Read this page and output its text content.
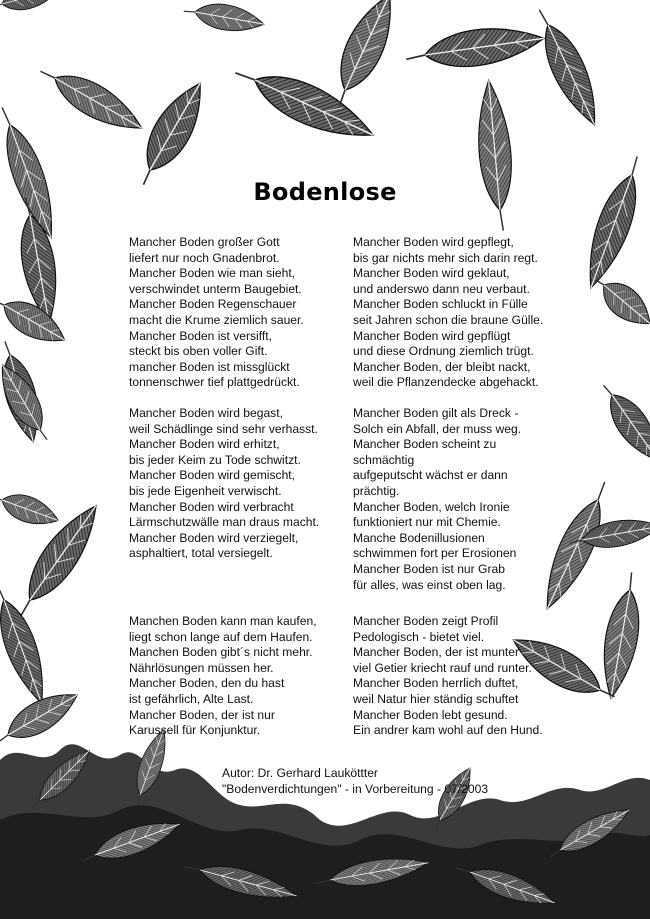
Bodenlose
Mancher Boden großer Gott
liefert nur noch Gnadenbrot.
Mancher Boden wie man sieht,
verschwindet unterm Baugebiet.
Mancher Boden Regenschauer
macht die Krume ziemlich sauer.
Mancher Boden ist versifft,
steckt bis oben voller Gift.
mancher Boden ist missglückt
tonnenschwer tief plattgedrückt.
Mancher Boden wird begast,
weil Schädlinge sind sehr verhasst.
Mancher Boden wird erhitzt,
bis jeder Keim zu Tode schwitzt.
Mancher Boden wird gemischt,
bis jede Eigenheit verwischt.
Mancher Boden wird verbracht
Lärmschutzwälle man draus macht.
Mancher Boden wird verziegelt,
asphaltiert, total versiegelt.
Manchen Boden kann man kaufen,
liegt schon lange auf dem Haufen.
Manchen Boden gibt´s nicht mehr.
Nährlösungen müssen her.
Mancher Boden, den du hast
ist gefährlich, Alte Last.
Mancher Boden, der ist nur
Karussell für Konjunktur.
Mancher Boden wird gepflegt,
bis gar nichts mehr sich darin regt.
Mancher Boden wird geklaut,
und anderswo dann neu verbaut.
Mancher Boden schluckt in Fülle
seit Jahren schon die braune Gülle.
Mancher Boden wird gepflügt
und diese Ordnung ziemlich trügt.
Mancher Boden, der bleibt nackt,
weil die Pflanzendecke abgehackt.
Mancher Boden gilt als Dreck -
Solch ein Abfall, der muss weg.
Mancher Boden scheint zu
schmächtig
aufgeputscht wächst er dann
prächtig.
Mancher Boden, welch Ironie
funktioniert nur mit Chemie.
Manche Bodenillusionen
schwimmen fort per Erosionen
Mancher Boden ist nur Grab
für alles, was einst oben lag.
Mancher Boden zeigt Profil
Pedologisch - bietet viel.
Mancher Boden, der ist munter
viel Getier kriecht rauf und runter.
Mancher Boden herrlich duftet,
weil Natur hier ständig schuftet
Mancher Boden lebt gesund.
Ein andrer kam wohl auf den Hund.
Autor: Dr. Gerhard Lauköttter
"Bodenverdichtungen" - in Vorbereitung - 07/2003
